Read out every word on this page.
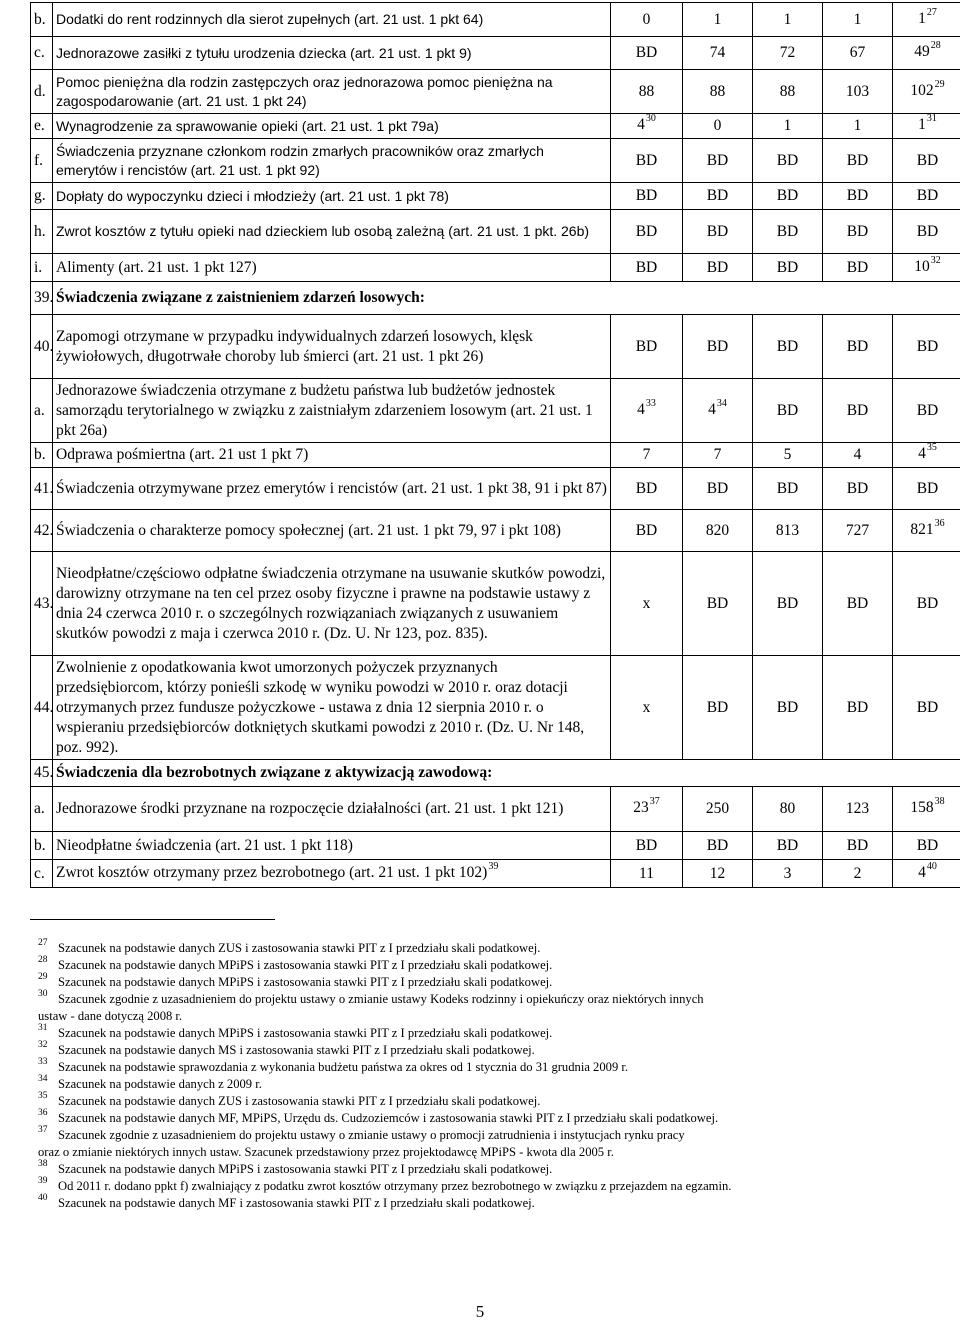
b.	Dodatki do rent rodzinnych dla sierot zupełnych (art. 21 ust. 1 pkt 64)	0	1	1	1	$1^{27}$
c.	Jednorazowe zasiłki z tytułu urodzenia dziecka (art. 21 ust. 1 pkt 9)	BD	74	72	67	$49^{28}$
d.	Pomoc pieniężna dla rodzin zastępczych oraz jednorazowa pomoc pieniężna na zagospodarowanie (art. 21 ust. 1 pkt 24)	88	88	88	103	$102^{29}$
e.	Wynagrodzenie za sprawowanie opieki (art. 21 ust. 1 pkt 79a)	$4^{30}$	0	1	1	$1^{31}$
f.	Świadczenia przyznane członkom rodzin zmarłych pracowników oraz zmarłych emerytów i rencistów (art. 21 ust. 1 pkt 92)	BD	BD	BD	BD	BD
g.	Dopłaty do wypoczynku dzieci i młodzieży (art. 21 ust. 1 pkt 78)	BD	BD	BD	BD	BD
h.	Zwrot kosztów z tytułu opieki nad dzieckiem lub osobą zależną (art. 21 ust. 1 pkt. 26b)	BD	BD	BD	BD	BD
i.	Alimenty (art. 21 ust. 1 pkt 127)	BD	BD	BD	BD	$10^{32}$
39.	Świadczenia związane z zaistnieniem zdarzeń losowych:					
40.	Zapomogi otrzymane w przypadku indywidualnych zdarzeń losowych, klęsk żywiołowych, długotrwałe choroby lub śmierci (art. 21 ust. 1 pkt 26)	BD	BD	BD	BD	BD
a.	Jednorazowe świadczenia otrzymane z budżetu państwa lub budżetów jednostek samorządu terytorialnego w związku z zaistniałym zdarzeniem losowym (art. 21 ust. 1 pkt 26a)	$4^{33}$	$4^{34}$	BD	BD	BD
b.	Odprawa pośmiertna (art. 21 ust 1 pkt 7)	7	7	5	4	$4^{35}$
41.	Świadczenia otrzymywane przez emerytów i rencistów (art. 21 ust. 1 pkt 38, 91 i pkt 87)	BD	BD	BD	BD	BD
42.	Świadczenia o charakterze pomocy społecznej (art. 21 ust. 1 pkt 79, 97 i pkt 108)	BD	820	813	727	$821^{36}$
43.	Nieodpłatne/częściowo odpłatne świadczenia otrzymane na usuwanie skutków powodzi, darowizny otrzymane na ten cel przez osoby fizyczne i prawne na podstawie ustawy z dnia 24 czerwca 2010 r. o szczególnych rozwiązaniach związanych z usuwaniem skutków powodzi z maja i czerwca 2010 r. (Dz. U. Nr 123, poz. 835).	x	BD	BD	BD	BD
44.	Zwolnienie z opodatkowania kwot umorzonych pożyczek przyznanych przedsiębiorcom, którzy ponieśli szkodę w wyniku powodzi w 2010 r. oraz dotacji otrzymanych przez fundusze pożyczkowe - ustawa z dnia 12 sierpnia 2010 r. o wspieraniu przedsiębiorców dotkniętych skutkami powodzi z 2010 r. (Dz. U. Nr 148, poz. 992).	x	BD	BD	BD	BD
45.	Świadczenia dla bezrobotnych związane z aktywizacją zawodową:					
a.	Jednorazowe środki przyznane na rozpoczęcie działalności (art. 21 ust. 1 pkt 121)	$23^{37}$	250	80	123	$158^{38}$
b.	Nieodpłatne świadczenia (art. 21 ust. 1 pkt 118)	BD	BD	BD	BD	BD
c.	Zwrot kosztów otrzymany przez bezrobotnego (art. 21 ust. 1 pkt 102)$^{39}$	11	12	3	2	$4^{40}$
27 Szacunek na podstawie danych ZUS i zastosowania stawki PIT z I przedziału skali podatkowej.
28 Szacunek na podstawie danych MPiPS i zastosowania stawki PIT z I przedziału skali podatkowej.
29 Szacunek na podstawie danych MPiPS i zastosowania stawki PIT z I przedziału skali podatkowej.
30 Szacunek zgodnie z uzasadnieniem do projektu ustawy o zmianie ustawy Kodeks rodzinny i opiekuńczy oraz niektórych innych
ustaw - dane dotyczą 2008 r.
31 Szacunek na podstawie danych MPiPS i zastosowania stawki PIT z I przedziału skali podatkowej.
32 Szacunek na podstawie danych MS i zastosowania stawki PIT z I przedziału skali podatkowej.
33 Szacunek na podstawie sprawozdania z wykonania budżetu państwa za okres od 1 stycznia do 31 grudnia 2009 r.
34 Szacunek na podstawie danych z 2009 r.
35 Szacunek na podstawie danych ZUS i zastosowania stawki PIT z I przedziału skali podatkowej.
36 Szacunek na podstawie danych MF, MPiPS, Urzędu ds. Cudzoziemców i zastosowania stawki PIT z I przedziału skali podatkowej.
37 Szacunek zgodnie z uzasadnieniem do projektu ustawy o zmianie ustawy o promocji zatrudnienia i instytucjach rynku pracy
oraz o zmianie niektórych innych ustaw. Szacunek przedstawiony przez projektodawcę MPiPS - kwota dla 2005 r.
38 Szacunek na podstawie danych MPiPS i zastosowania stawki PIT z I przedziału skali podatkowej.
39 Od 2011 r. dodano ppkt f) zwalniający z podatku zwrot kosztów otrzymany przez bezrobotnego w związku z przejazdem na egzamin.
40 Szacunek na podstawie danych MF i zastosowania stawki PIT z I przedziału skali podatkowej.
5
